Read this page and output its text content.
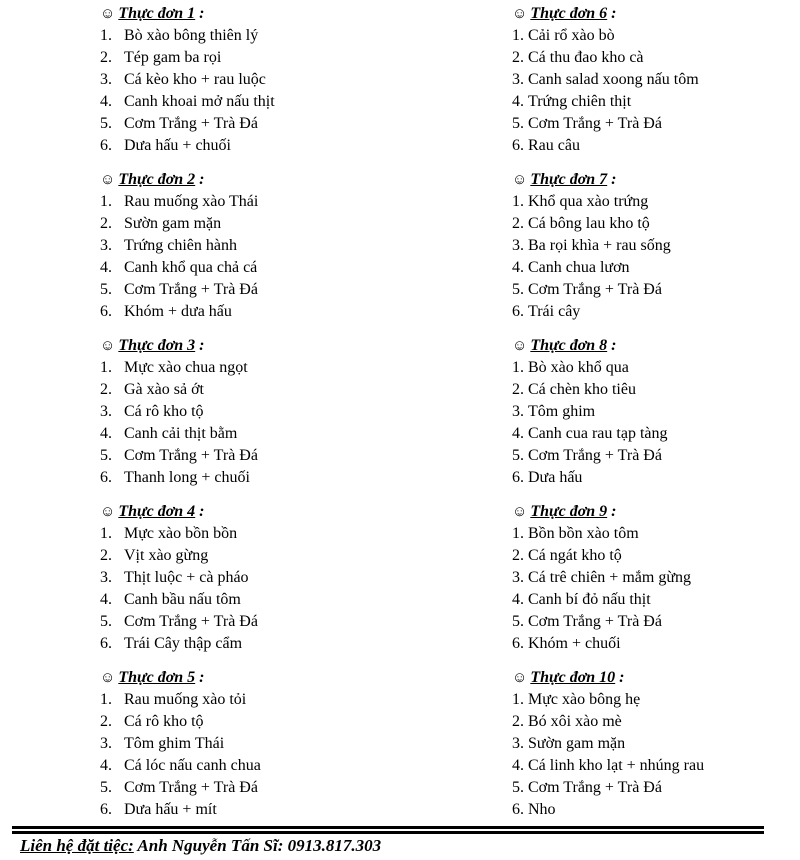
☺ Thực đơn 1 :
1. Bò xào bông thiên lý
2. Tép gam ba rọi
3. Cá kèo kho + rau luộc
4. Canh khoai mở nấu thịt
5. Cơm Trắng + Trà Đá
6. Dưa hấu + chuối
☺ Thực đơn 2 :
1. Rau muống xào Thái
2. Sườn gam mặn
3. Trứng chiên hành
4. Canh khổ qua chả cá
5. Cơm Trắng + Trà Đá
6. Khóm + dưa hấu
☺ Thực đơn 3 :
1. Mực xào chua ngọt
2. Gà xào sả ớt
3. Cá rô kho tộ
4. Canh cải thịt bằm
5. Cơm Trắng + Trà Đá
6. Thanh long + chuối
☺ Thực đơn 4 :
1. Mực xào bồn bồn
2. Vịt xào gừng
3. Thịt luộc + cà pháo
4. Canh bầu nấu tôm
5. Cơm Trắng + Trà Đá
6. Trái Cây thập cẩm
☺ Thực đơn 5 :
1. Rau muống xào tỏi
2. Cá rô kho tộ
3. Tôm ghim Thái
4. Cá lóc nấu canh chua
5. Cơm Trắng + Trà Đá
6. Dưa hấu + mít
☺ Thực đơn 6 :
1. Cải rổ xào bò
2. Cá thu đao kho cà
3. Canh salad xoong nấu tôm
4. Trứng chiên thịt
5. Cơm Trắng + Trà Đá
6. Rau câu
☺ Thực đơn 7 :
1. Khổ qua xào trứng
2. Cá bông lau kho tộ
3. Ba rọi khìa + rau sống
4. Canh chua lươn
5. Cơm Trắng + Trà Đá
6. Trái cây
☺ Thực đơn 8 :
1. Bò xào khổ qua
2. Cá chèn kho tiêu
3. Tôm ghim
4. Canh cua rau tạp tàng
5. Cơm Trắng + Trà Đá
6. Dưa hấu
☺ Thực đơn 9 :
1. Bồn bồn xào tôm
2. Cá ngát kho tộ
3. Cá trê chiên + mắm gừng
4. Canh bí đỏ nấu thịt
5. Cơm Trắng + Trà Đá
6. Khóm + chuối
☺ Thực đơn 10 :
1. Mực xào bông hẹ
2. Bó xôi xào mè
3. Sườn gam mặn
4. Cá linh kho lạt + nhúng rau
5. Cơm Trắng + Trà Đá
6. Nho
Liên hệ đặt tiệc: Anh Nguyễn Tấn Sĩ: 0913.817.303
